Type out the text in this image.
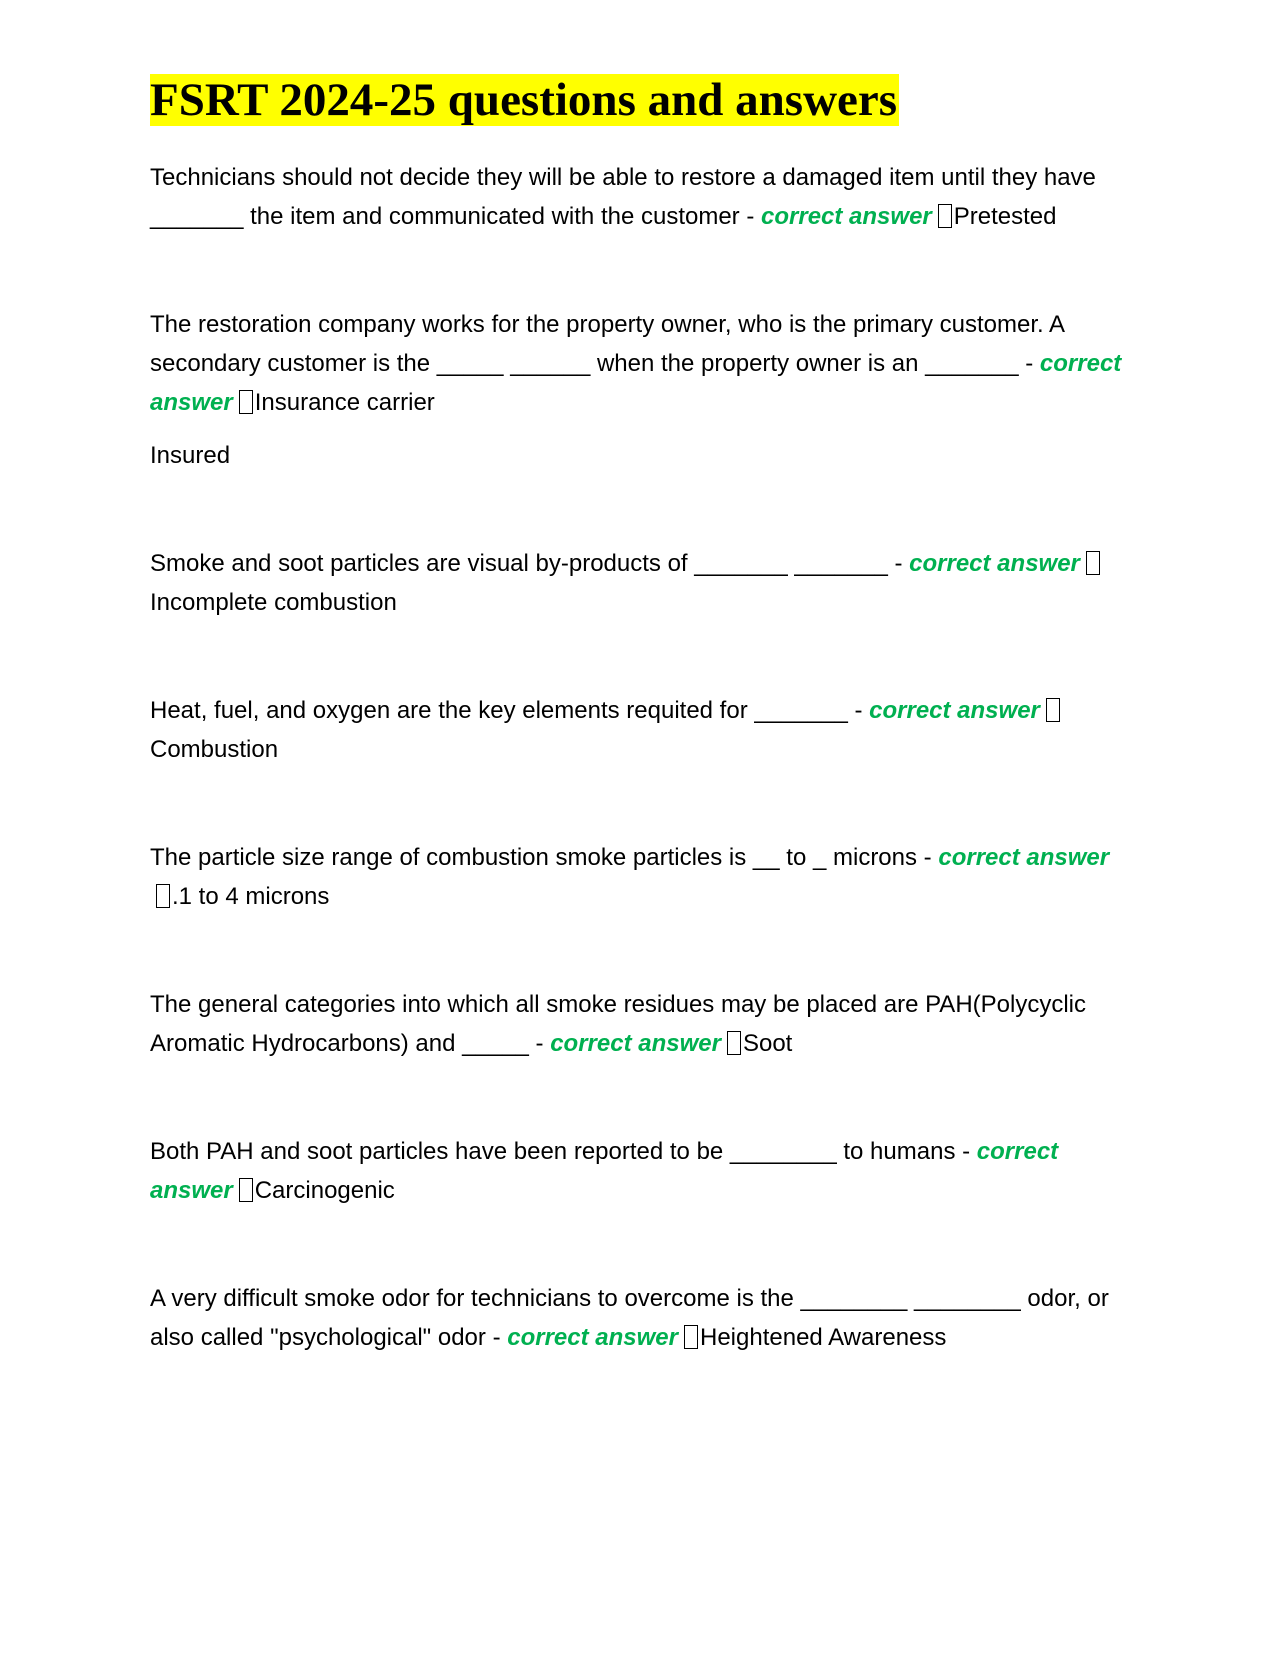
FSRT 2024-25 questions and answers
Technicians should not decide they will be able to restore a damaged item until they have _______ the item and communicated with the customer - correct answer Pretested
The restoration company works for the property owner, who is the primary customer. A secondary customer is the _____ ______ when the property owner is an _______ - correct answer Insurance carrier
Insured
Smoke and soot particles are visual by-products of _______ _______ - correct answerIncomplete combustion
Heat, fuel, and oxygen are the key elements requited for _______ - correct answerCombustion
The particle size range of combustion smoke particles is __ to _ microns - correct answer.1 to 4 microns
The general categories into which all smoke residues may be placed are PAH(Polycyclic Aromatic Hydrocarbons) and _____ - correct answer Soot
Both PAH and soot particles have been reported to be ________ to humans - correct answer Carcinogenic
A very difficult smoke odor for technicians to overcome is the ________ ________ odor, or also called "psychological" odor - correct answer Heightened Awareness
